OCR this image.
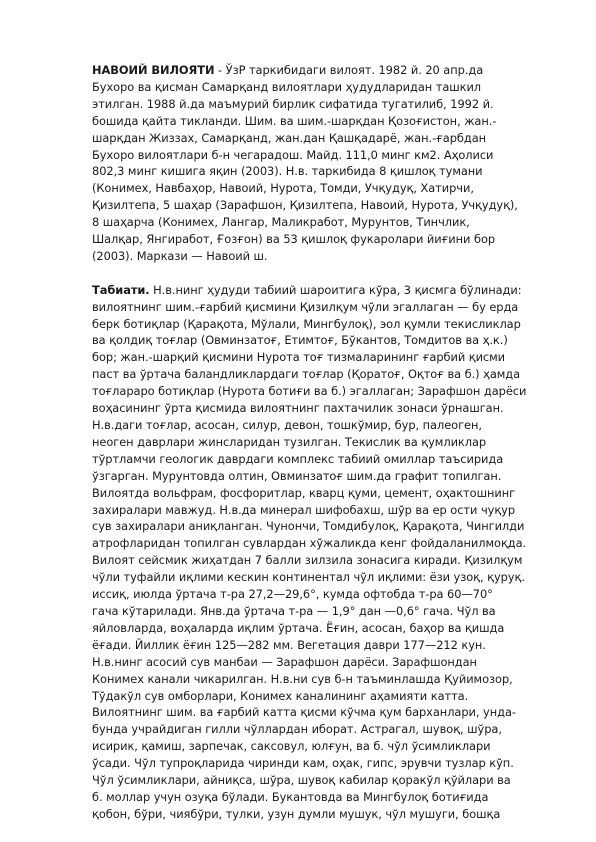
НАВОИЙ ВИЛОЯТИ - ЎзР таркибидаги вилоят. 1982 й. 20 апр.да
Бухоро ва қисман Самарқанд вилоятлари ҳудудларидан ташкил
этилган. 1988 й.да маъмурий бирлик сифатида тугатилиб, 1992 й.
бошида қайта тикланди. Шим. ва шим.-шарқдан Қозоғистон, жан.-
шарқдан Жиззах, Самарқанд, жан.дан Қашқадарё, жан.-ғарбдан
Бухоро вилоятлари б-н чегарадош. Майд. 111,0 минг км2. Аҳолиси
802,3 минг кишига яқин (2003). Н.в. таркибида 8 қишлоқ тумани
(Конимех, Навбаҳор, Навоий, Нурота, Томди, Учқудуқ, Хатирчи,
Қизилтепа, 5 шаҳар (Зарафшон, Қизилтепа, Навоий, Нурота, Учқудуқ),
8 шаҳарча (Конимех, Лангар, Маликработ, Мурунтов, Тинчлик,
Шалқар, Янгиработ, Ғозғон) ва 53 қишлоқ фукаролари йиғини бор
(2003). Маркази — Навоий ш.
Табиати. Н.в.нинг ҳудуди табиий шароитига кўра, 3 қисмга бўлинади:
вилоятнинг шим.-ғарбий қисмини Қизилқум чўли эгаллаган — бу ерда
берк ботиқлар (Қарақота, Мўлали, Мингбулоқ), эол қумли текисликлар
ва қолдиқ тоғлар (Овминзатоғ, Етимтоғ, Бўкантов, Томдитов ва ҳ.к.)
бор; жан.-шарқий қисмини Нурота тоғ тизмаларининг ғарбий қисми
паст ва ўртача баландликлардаги тоғлар (Қоратоғ, Оқтоғ ва б.) ҳамда
тоғлараро ботиқлар (Нурота ботиғи ва б.) эгаллаган; Зарафшон дарёси
воҳасининг ўрта қисмида вилоятнинг пахтачилик зонаси ўрнашган.
Н.в.даги тоғлар, асосан, силур, девон, тошкўмир, бур, палеоген,
неоген даврлари жинсларидан тузилган. Текислик ва қумликлар
тўртламчи геологик даврдаги комплекс табиий омиллар таъсирида
ўзгарган. Мурунтовда олтин, Овминзатоғ шим.да графит топилган.
Вилоятда вольфрам, фосфоритлар, кварц қуми, цемент, оҳактошнинг
захиралари мавжуд. Н.в.да минерал шифобахш, шўр ва ер ости чуқур
сув захиралари аниқланган. Чунончи, Томдибулоқ, Қарақота, Чингилди
атрофларидан топилган сувлардан хўжаликда кенг фойдаланилмоқда.
Вилоят сейсмик жиҳатдан 7 балли зилзила зонасига киради. Қизилқум
чўли туфайли иқлими кескин континентал чўл иқлими: ёзи узоқ, қуруқ.
иссиқ, июлда ўртача т-ра 27,2—29,6°, кумда офтобда т-ра 60—70°
гача кўтарилади. Янв.да ўртача т-ра — 1,9° дан —0,6° гача. Чўл ва
яйловларда, воҳаларда иқлим ўртача. Ёғин, асосан, баҳор ва қишда
ёғади. Йиллик ёғин 125—282 мм. Вегетация даври 177—212 кун.
Н.в.нинг асосий сув манбаи — Зарафшон дарёси. Зарафшондан
Конимех канали чикарилган. Н.в.ни сув б-н таъминлашда Қуйимозор,
Тўдакўл сув омборлари, Конимех каналининг аҳамияти катта.
Вилоятнинг шим. ва ғарбий катта қисми кўчма қум барханлари, унда-
бунда учрайдиган гилли чўллардан иборат. Астрагал, шувоқ, шўра,
исирик, қамиш, зарпечак, саксовул, юлғун, ва б. чўл ўсимликлари
ўсади. Чўл тупроқларида чиринди кам, оҳак, гипс, эрувчи тузлар кўп.
Чўл ўсимликлари, айниқса, шўра, шувоқ кабилар қоракўл қўйлари ва
б. моллар учун озуқа бўлади. Букантовда ва Мингбулоқ ботиғида
қобон, бўри, чиябўри, тулки, узун думли мушук, чўл мушуги, бошқа
